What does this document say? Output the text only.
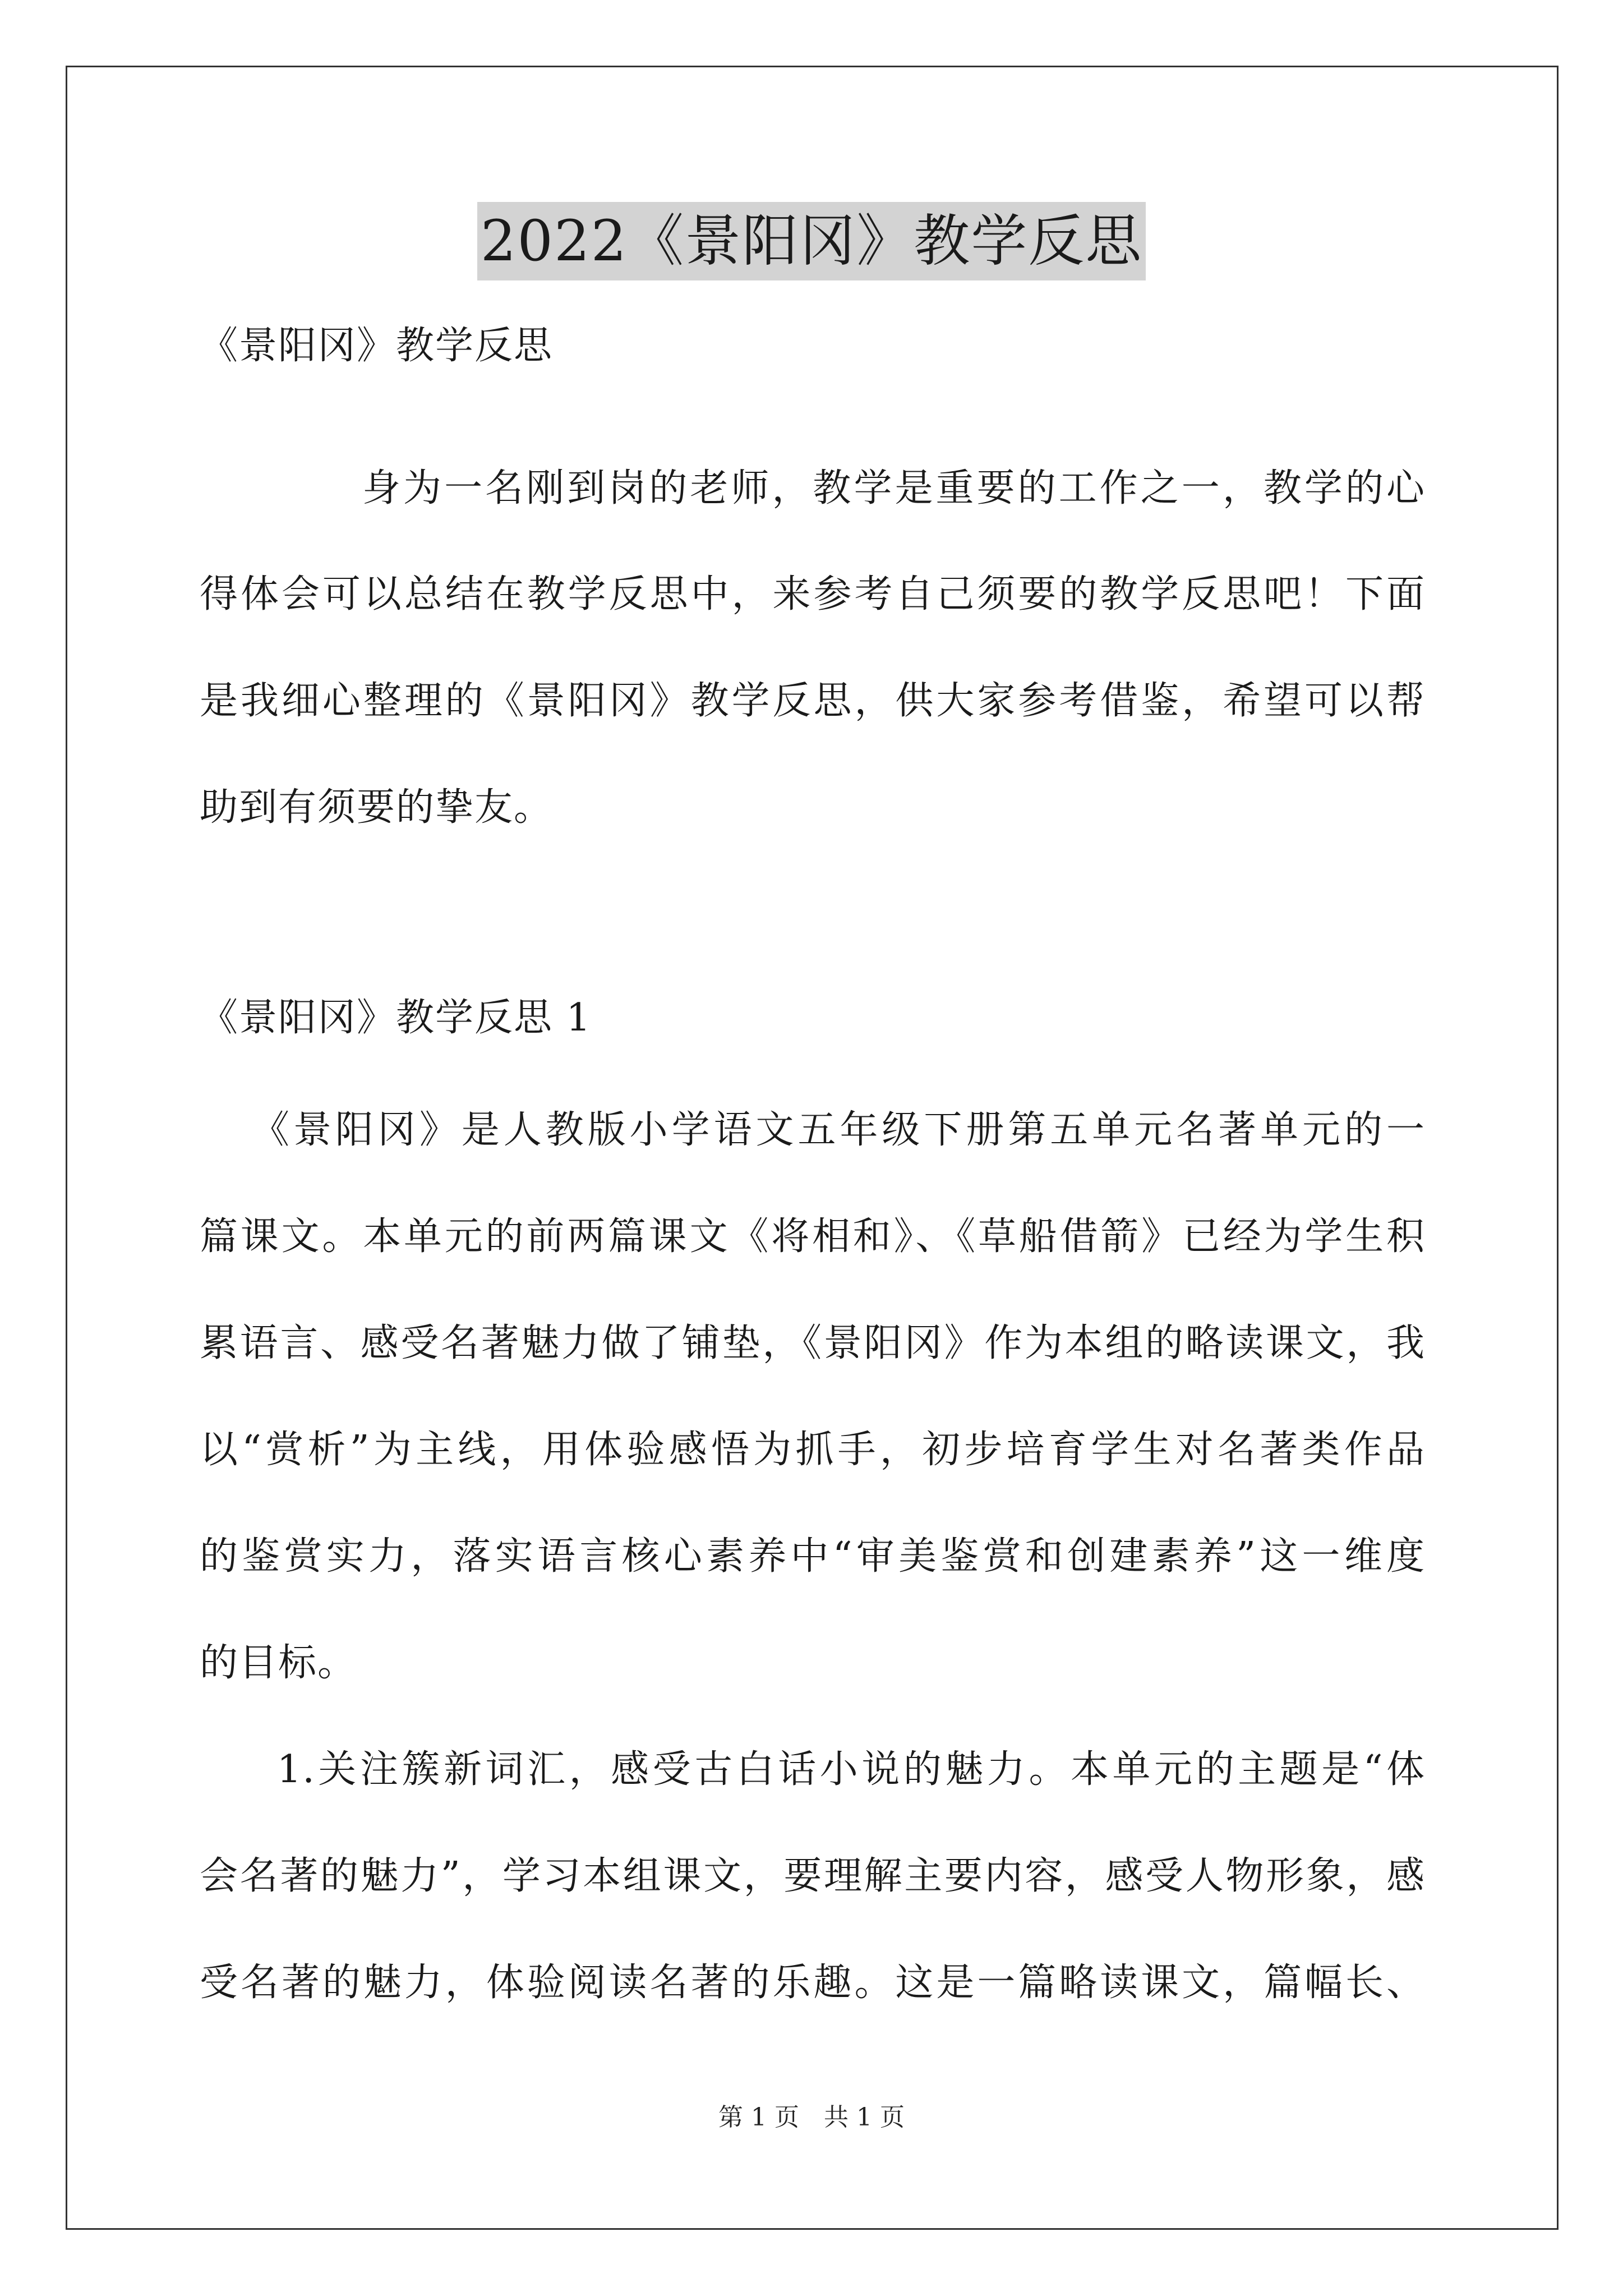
2022《景阳冈》教学反思
《景阳冈》教学反思
身为一名刚到岗的老师，教学是重要的工作之一，教学的心
得体会可以总结在教学反思中，来参考自己须要的教学反思吧！下面
是我细心整理的《景阳冈》教学反思，供大家参考借鉴，希望可以帮
助到有须要的挚友。
《景阳冈》教学反思 1
《景阳冈》是人教版小学语文五年级下册第五单元名著单元的一
篇课文。本单元的前两篇课文《将相和》、《草船借箭》已经为学生积
累语言、感受名著魅力做了铺垫，《景阳冈》作为本组的略读课文，我
以“赏析”为主线，用体验感悟为抓手，初步培育学生对名著类作品
的鉴赏实力，落实语言核心素养中“审美鉴赏和创建素养”这一维度
的目标。
1.关注簇新词汇，感受古白话小说的魅力。本单元的主题是“体
会名著的魅力”，学习本组课文，要理解主要内容，感受人物形象，感
受名著的魅力，体验阅读名著的乐趣。这是一篇略读课文，篇幅长、
第 1 页　共 1 页
